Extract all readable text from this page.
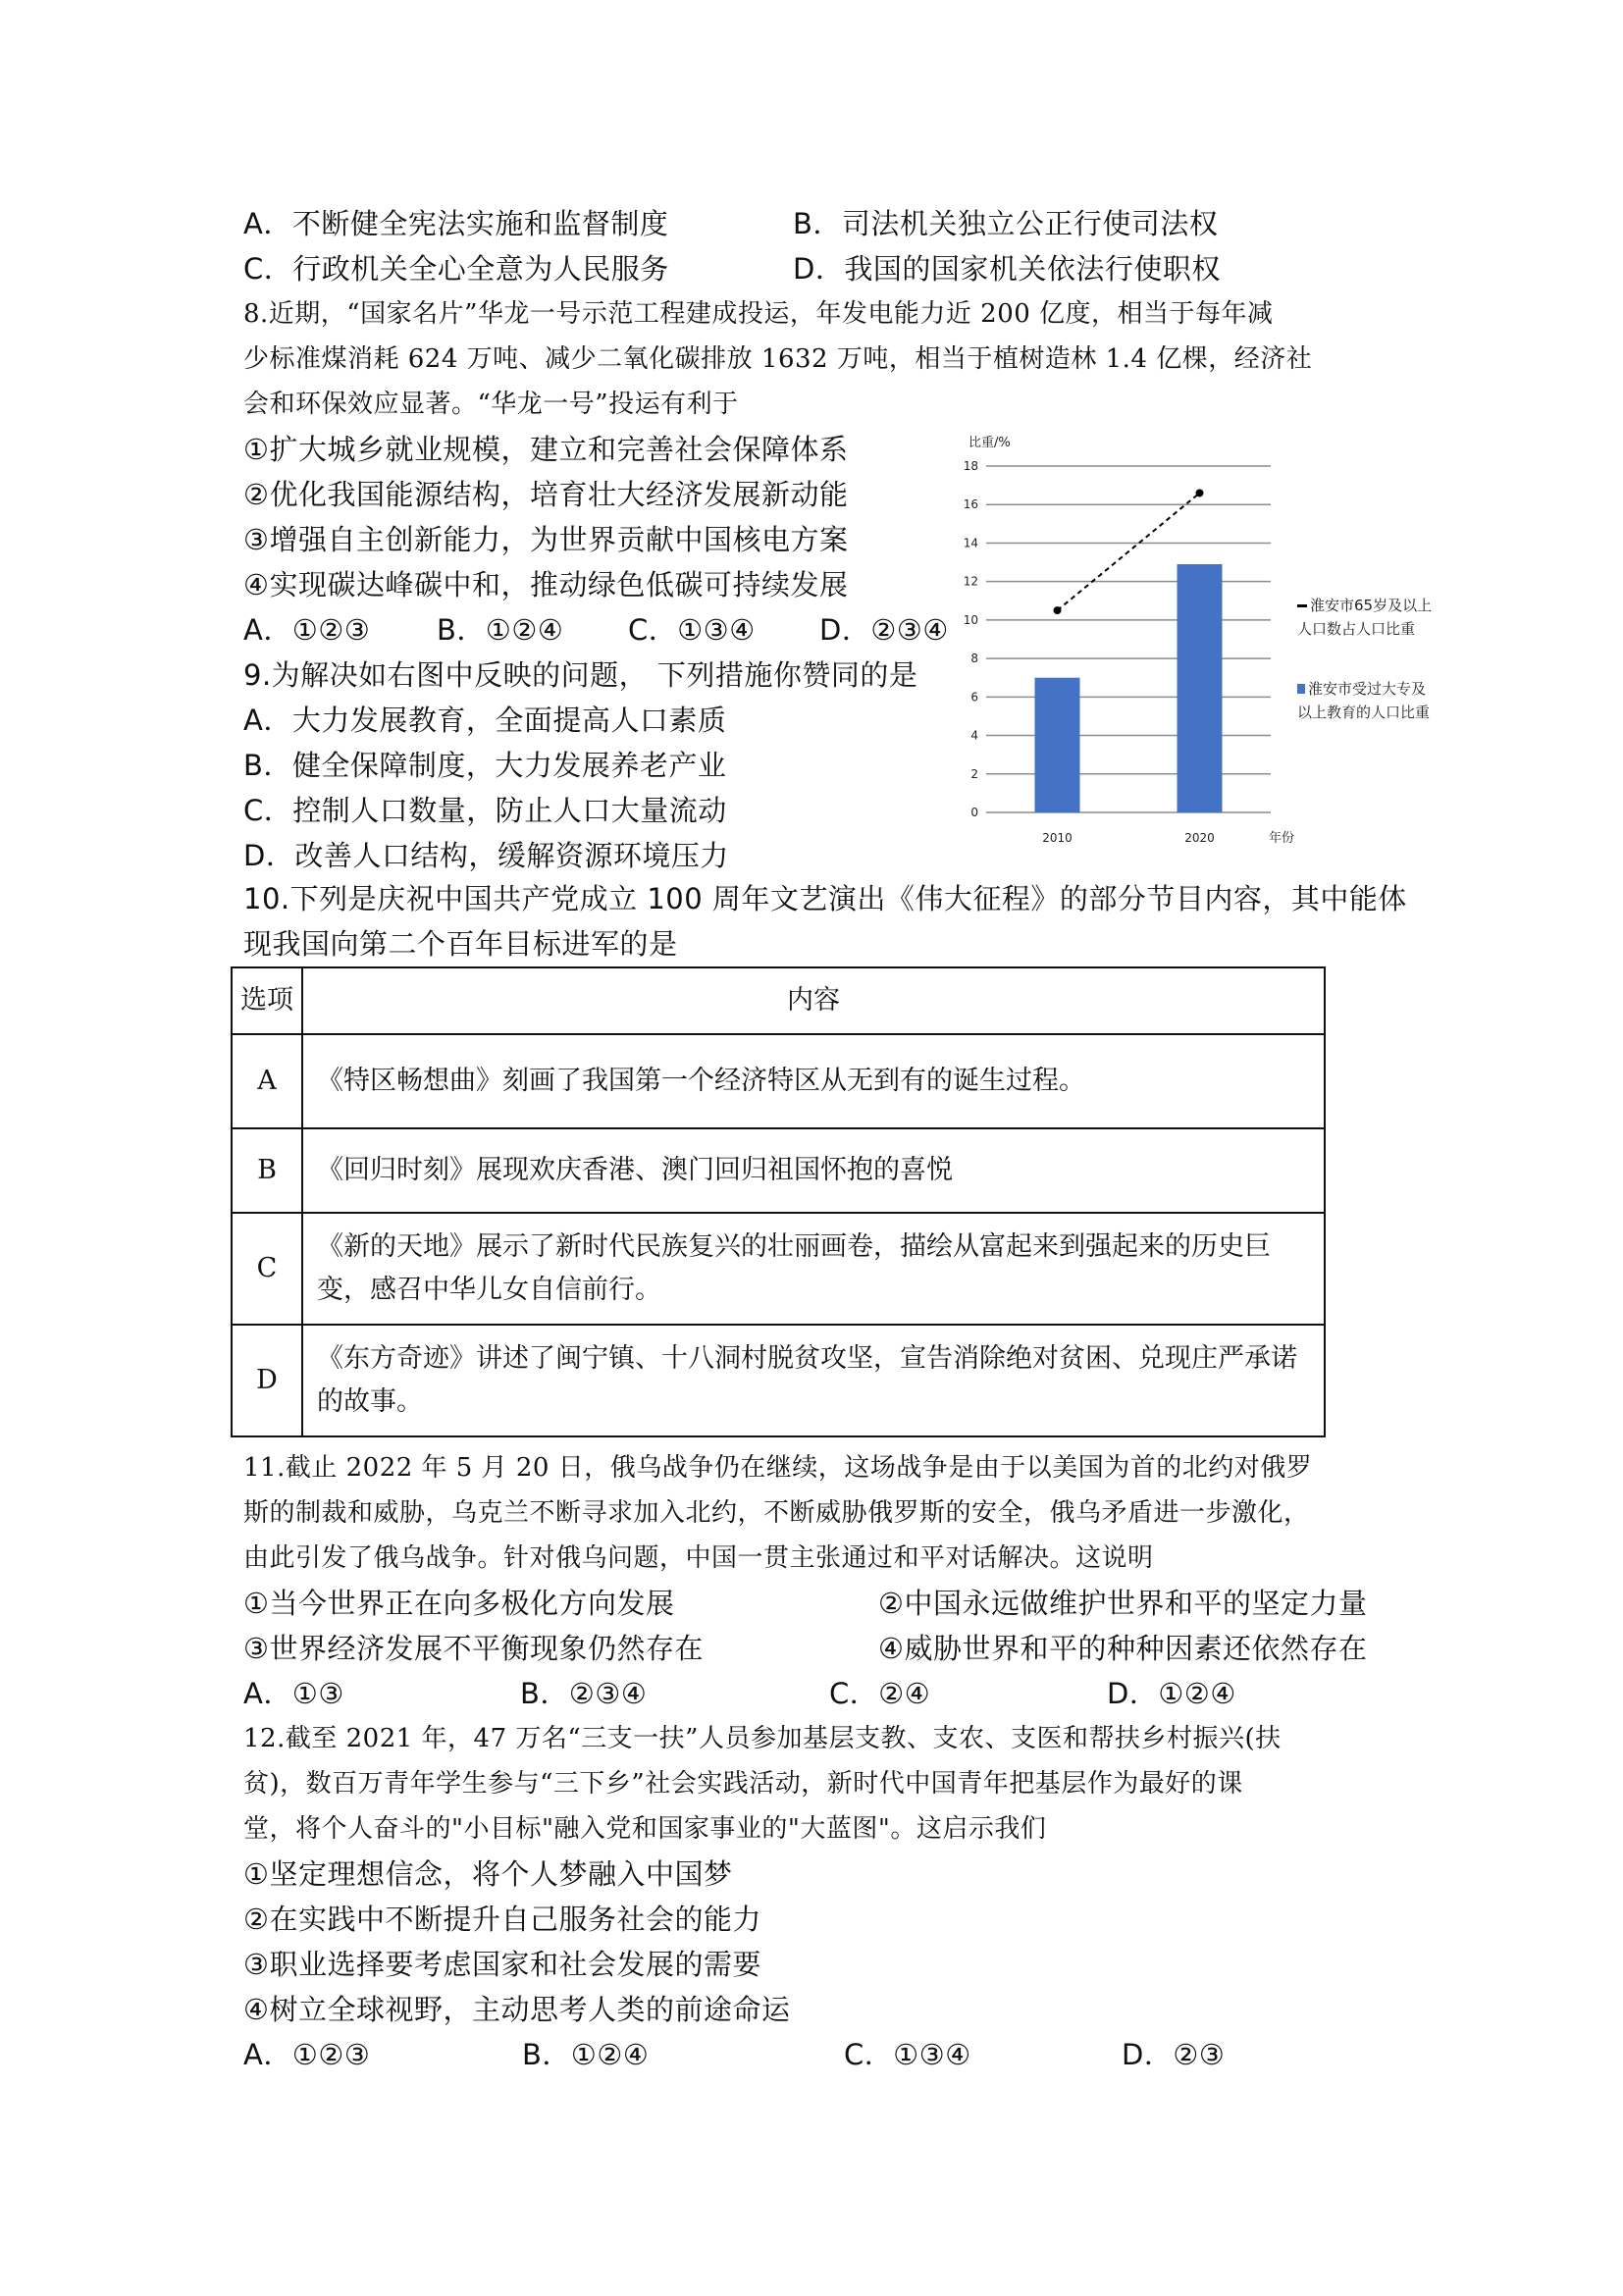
A．不断健全宪法实施和监督制度	B．司法机关独立公正行使司法权
C．行政机关全心全意为人民服务	D．我国的国家机关依法行使职权
8.近期，“国家名片”华龙一号示范工程建成投运，年发电能力近 200 亿度，相当于每年减
少标准煤消耗 624 万吨、减少二氧化碳排放 1632 万吨，相当于植树造林 1.4 亿棵，经济社
会和环保效应显著。“华龙一号”投运有利于
①扩大城乡就业规模，建立和完善社会保障体系
②优化我国能源结构，培育壮大经济发展新动能
③增强自主创新能力，为世界贡献中国核电方案
④实现碳达峰碳中和，推动绿色低碳可持续发展
A．①②③ B．①②④ C．①③④ D．②③④
9.为解决如右图中反映的问题， 下列措施你赞同的是
A．大力发展教育，全面提高人口素质
B．健全保障制度，大力发展养老产业
C．控制人口数量，防止人口大量流动
D．改善人口结构，缓解资源环境压力
比重/%
0
2
4
6
8
10
12
14
16
18
2010	2020	年份
淮安市65岁及以上人口数占人口比重
淮安市受过大专及以上教育的人口比重
10.下列是庆祝中国共产党成立 100 周年文艺演出《伟大征程》的部分节目内容，其中能体
现我国向第二个百年目标进军的是
选项	内容
A	《特区畅想曲》刻画了我国第一个经济特区从无到有的诞生过程。
B	《回归时刻》展现欢庆香港、澳门回归祖国怀抱的喜悦
C	《新的天地》展示了新时代民族复兴的壮丽画卷，描绘从富起来到强起来的历史巨变，感召中华儿女自信前行。
D	《东方奇迹》讲述了闽宁镇、十八洞村脱贫攻坚，宣告消除绝对贫困、兑现庄严承诺的故事。
11.截止 2022 年 5 月 20 日，俄乌战争仍在继续，这场战争是由于以美国为首的北约对俄罗
斯的制裁和威胁，乌克兰不断寻求加入北约，不断威胁俄罗斯的安全，俄乌矛盾进一步激化，
由此引发了俄乌战争。针对俄乌问题，中国一贯主张通过和平对话解决。这说明
①当今世界正在向多极化方向发展	②中国永远做维护世界和平的坚定力量
③世界经济发展不平衡现象仍然存在	④威胁世界和平的种种因素还依然存在
A．①③	B．②③④	C．②④	D．①②④
12.截至 2021 年，47 万名“三支一扶”人员参加基层支教、支农、支医和帮扶乡村振兴(扶
贫)，数百万青年学生参与“三下乡”社会实践活动，新时代中国青年把基层作为最好的课
堂，将个人奋斗的"小目标"融入党和国家事业的"大蓝图"。这启示我们
①坚定理想信念，将个人梦融入中国梦
②在实践中不断提升自己服务社会的能力
③职业选择要考虑国家和社会发展的需要
④树立全球视野，主动思考人类的前途命运
A．①②③	B．①②④	C．①③④	D．②③
